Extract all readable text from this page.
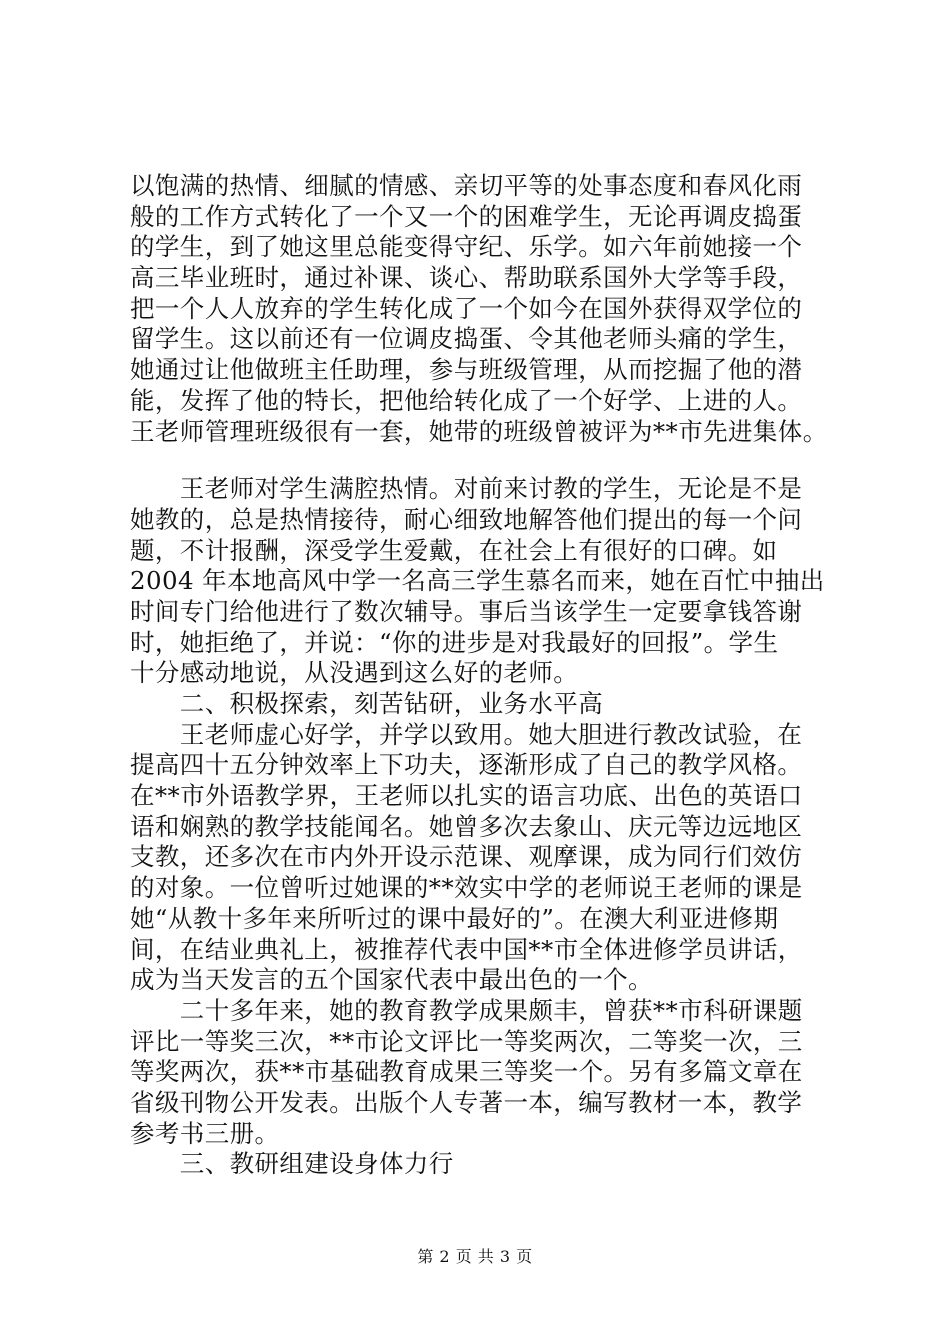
以饱满的热情、细腻的情感、亲切平等的处事态度和春风化雨
般的工作方式转化了一个又一个的困难学生，无论再调皮捣蛋
的学生，到了她这里总能变得守纪、乐学。如六年前她接一个
高三毕业班时，通过补课、谈心、帮助联系国外大学等手段，
把一个人人放弃的学生转化成了一个如今在国外获得双学位的
留学生。这以前还有一位调皮捣蛋、令其他老师头痛的学生，
她通过让他做班主任助理，参与班级管理，从而挖掘了他的潜
能，发挥了他的特长，把他给转化成了一个好学、上进的人。
王老师管理班级很有一套，她带的班级曾被评为**市先进集体。
　　王老师对学生满腔热情。对前来讨教的学生，无论是不是
她教的，总是热情接待，耐心细致地解答他们提出的每一个问
题，不计报酬，深受学生爱戴，在社会上有很好的口碑。如
2004 年本地高风中学一名高三学生慕名而来，她在百忙中抽出
时间专门给他进行了数次辅导。事后当该学生一定要拿钱答谢
时，她拒绝了，并说：“你的进步是对我最好的回报”。学生
十分感动地说，从没遇到这么好的老师。
　　二、积极探索，刻苦钻研，业务水平高
　　王老师虚心好学，并学以致用。她大胆进行教改试验，在
提高四十五分钟效率上下功夫，逐渐形成了自己的教学风格。
在**市外语教学界，王老师以扎实的语言功底、出色的英语口
语和娴熟的教学技能闻名。她曾多次去象山、庆元等边远地区
支教，还多次在市内外开设示范课、观摩课，成为同行们效仿
的对象。一位曾听过她课的**效实中学的老师说王老师的课是
她“从教十多年来所听过的课中最好的”。在澳大利亚进修期
间，在结业典礼上，被推荐代表中国**市全体进修学员讲话，
成为当天发言的五个国家代表中最出色的一个。
　　二十多年来，她的教育教学成果颇丰，曾获**市科研课题
评比一等奖三次，**市论文评比一等奖两次，二等奖一次，三
等奖两次，获**市基础教育成果三等奖一个。另有多篇文章在
省级刊物公开发表。出版个人专著一本，编写教材一本，教学
参考书三册。
　　三、教研组建设身体力行
第 2 页 共 3 页
